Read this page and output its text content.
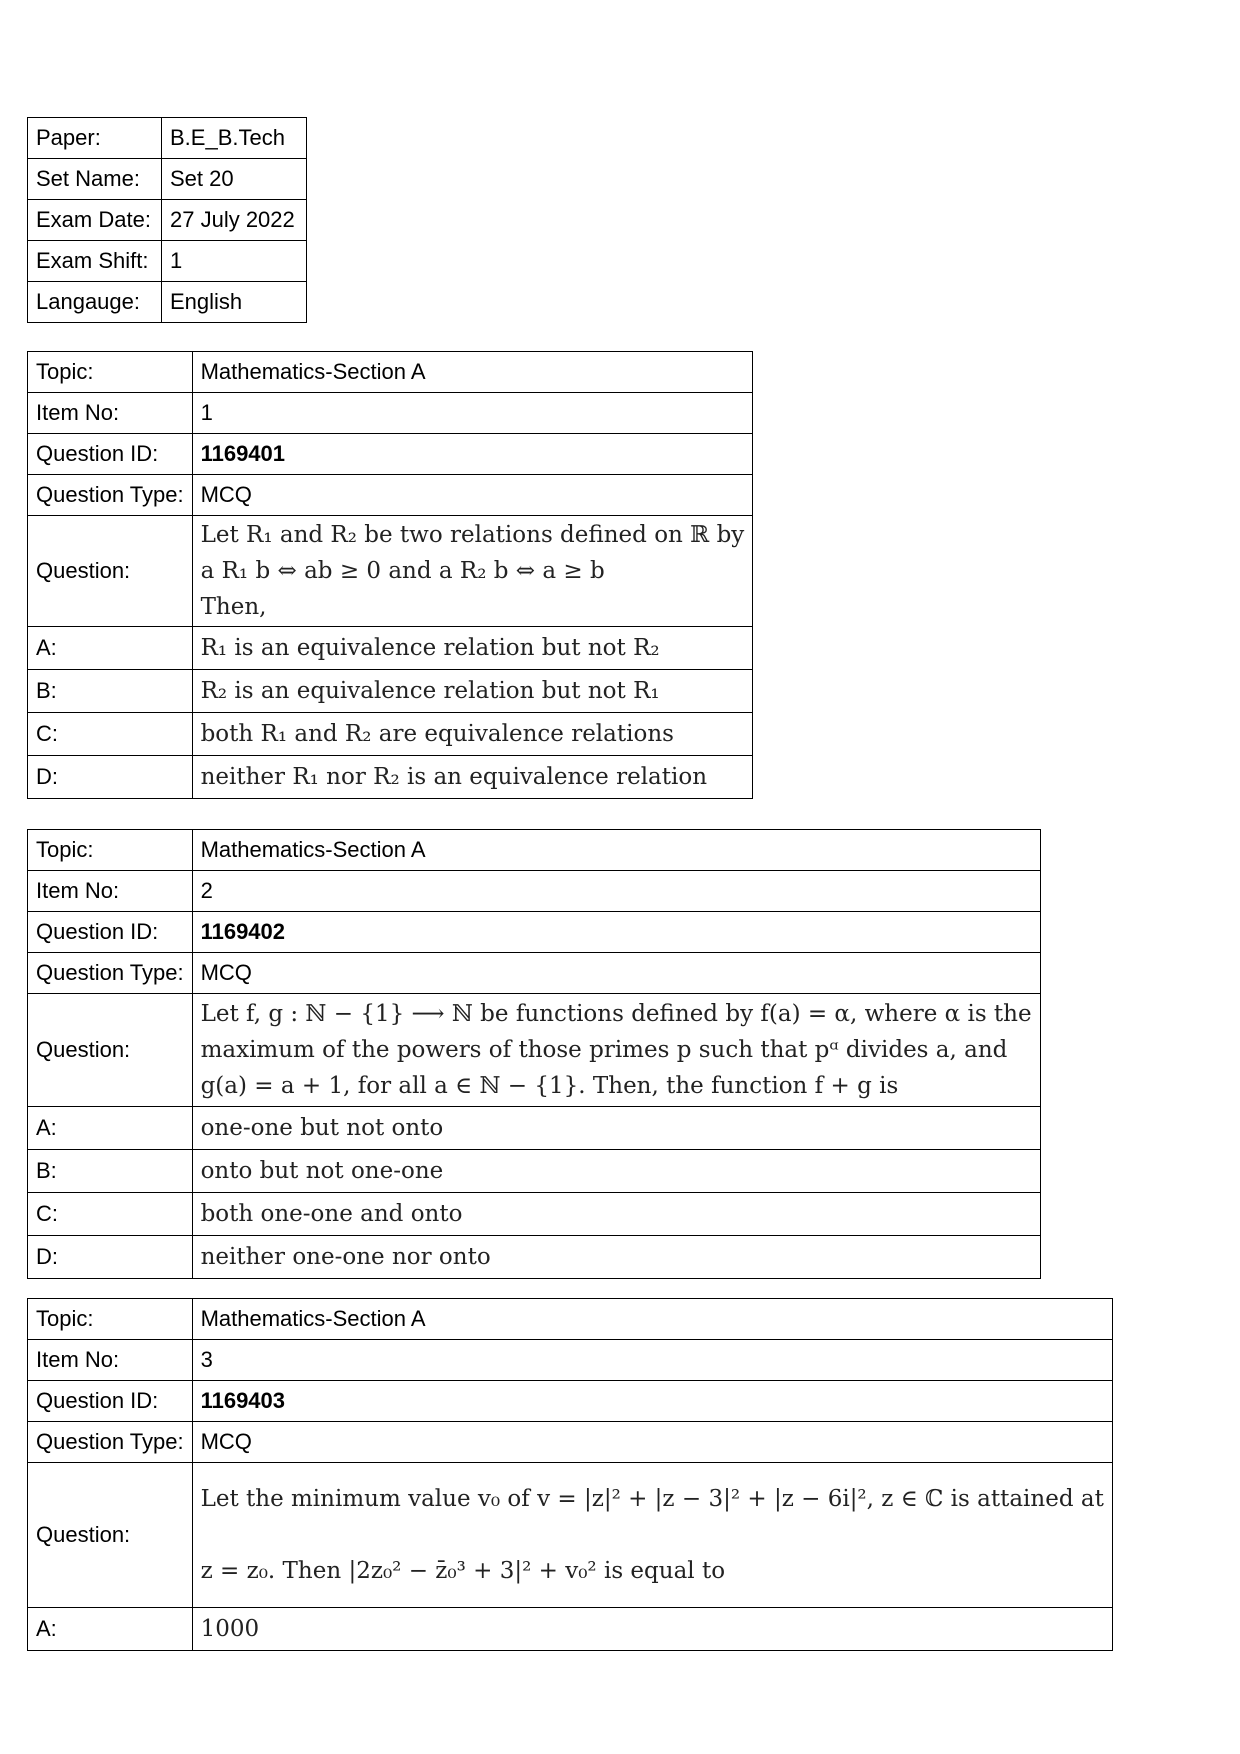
Paper:	B.E_B.Tech
Set Name:	Set 20
Exam Date:	27 July 2022
Exam Shift:	1
Langauge:	English
Topic:	Mathematics-Section A
Item No:	1
Question ID:	1169401
Question Type:	MCQ
Question:	Let R₁ and R₂ be two relations defined on ℝ by
a R₁ b ⇔ ab ≥ 0 and a R₂ b ⇔ a ≥ b
Then,

A:	R₁ is an equivalence relation but not R₂
B:	R₂ is an equivalence relation but not R₁
C:	both R₁ and R₂ are equivalence relations
D:	neither R₁ nor R₂ is an equivalence relation
Topic:	Mathematics-Section A
Item No:	2
Question ID:	1169402
Question Type:	MCQ
Question:	Let f, g : ℕ − {1} ⟶ ℕ be functions defined by f(a) = α, where α is the
maximum of the powers of those primes p such that pᵅ divides a, and
g(a) = a + 1, for all a ∈ ℕ − {1}. Then, the function f + g is

A:	one-one but not onto
B:	onto but not one-one
C:	both one-one and onto
D:	neither one-one nor onto
Topic:	Mathematics-Section A
Item No:	3
Question ID:	1169403
Question Type:	MCQ
Question:	Let the minimum value v₀ of v = |z|² + |z − 3|² + |z − 6i|², z ∈ ℂ is attained at
z = z₀. Then |2z₀² − z̄₀³ + 3|² + v₀² is equal to

A:	1000
